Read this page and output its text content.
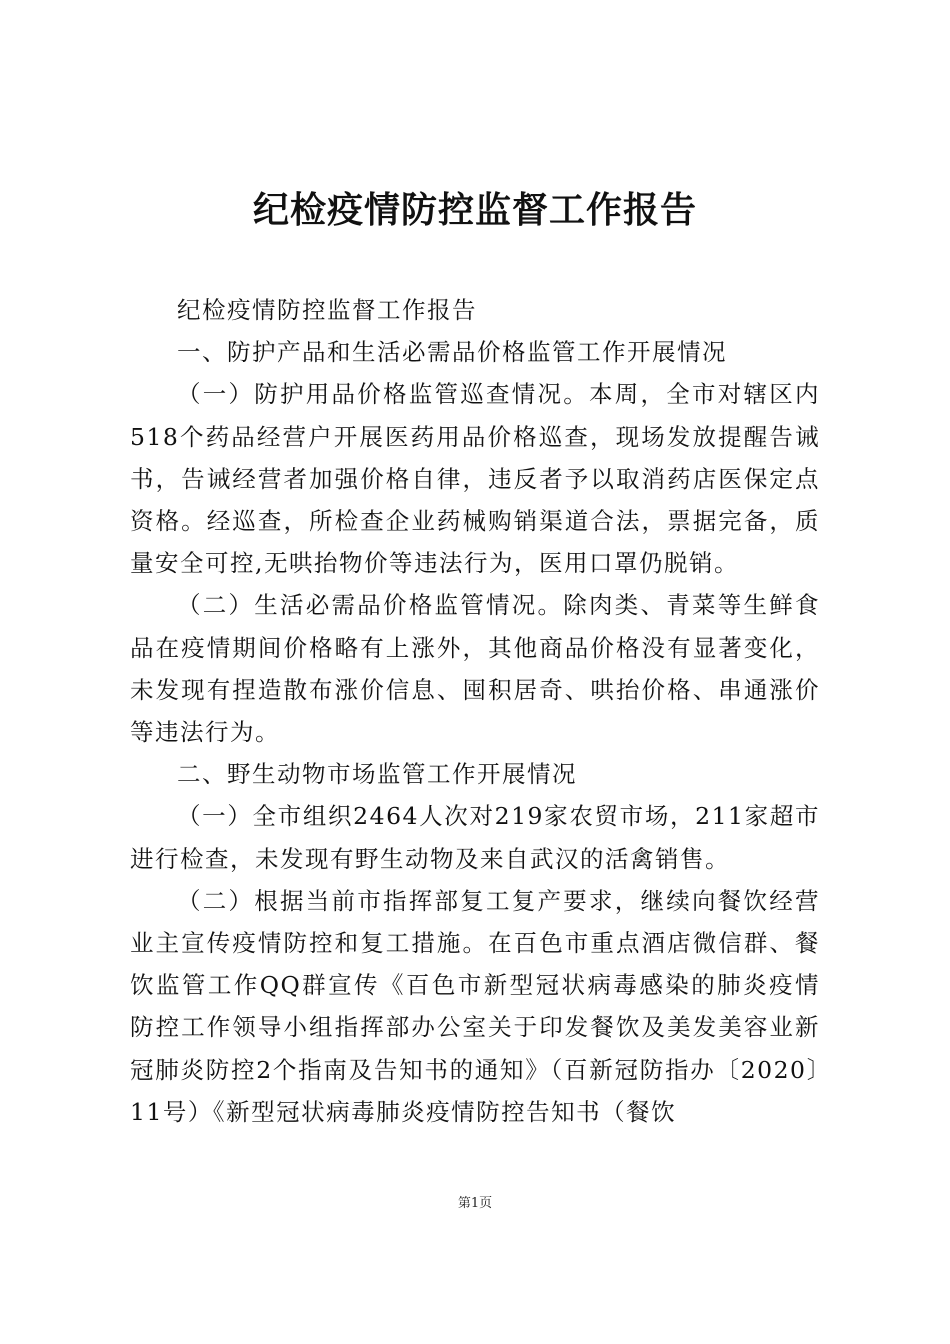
纪检疫情防控监督工作报告

纪检疫情防控监督工作报告

一、防护产品和生活必需品价格监管工作开展情况

（一）防护用品价格监管巡查情况。本周，全市对辖区内518个药品经营户开展医药用品价格巡查，现场发放提醒告诫书，告诫经营者加强价格自律，违反者予以取消药店医保定点资格。经巡查，所检查企业药械购销渠道合法，票据完备，质量安全可控,无哄抬物价等违法行为，医用口罩仍脱销。

（二）生活必需品价格监管情况。除肉类、青菜等生鲜食品在疫情期间价格略有上涨外，其他商品价格没有显著变化，未发现有捏造散布涨价信息、囤积居奇、哄抬价格、串通涨价等违法行为。

二、野生动物市场监管工作开展情况

（一）全市组织2464人次对219家农贸市场，211家超市进行检查，未发现有野生动物及来自武汉的活禽销售。

（二）根据当前市指挥部复工复产要求，继续向餐饮经营业主宣传疫情防控和复工措施。在百色市重点酒店微信群、餐饮监管工作QQ群宣传《百色市新型冠状病毒感染的肺炎疫情防控工作领导小组指挥部办公室关于印发餐饮及美发美容业新冠肺炎防控2个指南及告知书的通知》（百新冠防指办〔2020〕11号）《新型冠状病毒肺炎疫情防控告知书（餐饮

第1页
